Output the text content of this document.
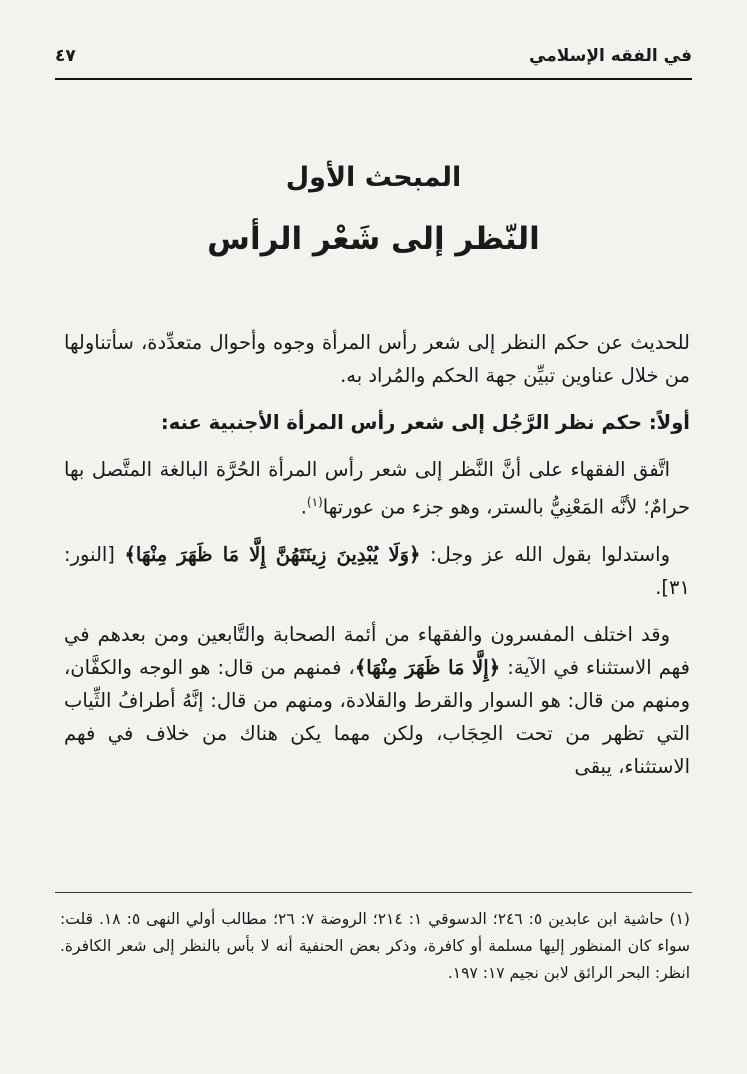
في الفقه الإسلامي
٤٧
المبحث الأول
النّظر إلى شَعْر الرأس

للحديث عن حكم النظر إلى شعر رأس المرأة وجوه وأحوال متعدِّدة، سأتناولها من خلال عناوين تبيِّن جهة الحكم والمُراد به.

أولاً: حكم نظر الرَّجُل إلى شعر رأس المرأة الأجنبية عنه:

اتَّفق الفقهاء على أنَّ النَّظر إلى شعر رأس المرأة الحُرَّة البالغة المتَّصل بها حرامٌ؛ لأنَّه المَعْنِيُّ بالستر، وهو جزء من عورتها$^{(١)}$.

واستدلوا بقول الله عز وجل: ﴿وَلَا يُبْدِينَ زِينَتَهُنَّ إِلَّا مَا ظَهَرَ مِنْهَا﴾ [النور: ٣١].

وقد اختلف المفسرون والفقهاء من أئمة الصحابة والتَّابعين ومن بعدهم في فهم الاستثناء في الآية: ﴿إِلَّا مَا ظَهَرَ مِنْهَا﴾، فمنهم من قال: هو الوجه والكفَّان، ومنهم من قال: هو السوار والقرط والقلادة، ومنهم من قال: إنَّهُ أطرافُ الثِّياب التي تظهر من تحت الحِجَاب، ولكن مهما يكن هناك من خلاف في فهم الاستثناء، يبقى

(١) حاشية ابن عابدين ٥: ٢٤٦؛ الدسوقي ١: ٢١٤؛ الروضة ٧: ٢٦؛ مطالب أولي النهى ٥: ١٨. قلت: سواء كان المنظور إليها مسلمة أو كافرة، وذكر بعض الحنفية أنه لا بأس بالنظر إلى شعر الكافرة. انظر: البحر الرائق لابن نجيم ١٧: ١٩٧.
